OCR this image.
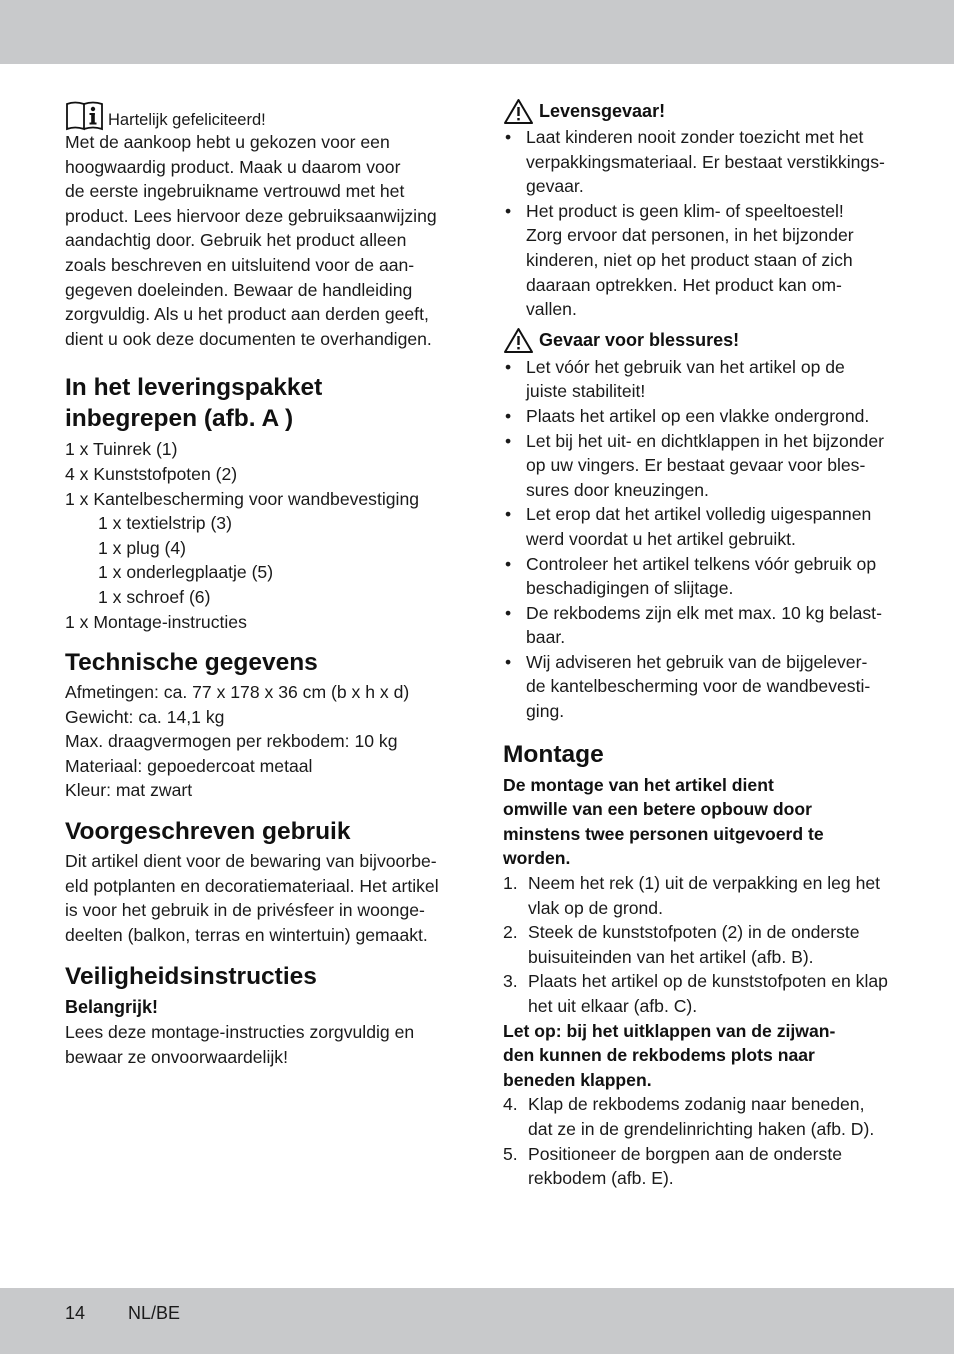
Hartelijk gefeliciteerd!
Met de aankoop hebt u gekozen voor een
hoogwaardig product. Maak u daarom voor
de eerste ingebruikname vertrouwd met het
product. Lees hiervoor deze gebruiksaanwijzing
aandachtig door. Gebruik het product alleen
zoals beschreven en uitsluitend voor de aan-
gegeven doeleinden. Bewaar de handleiding
zorgvuldig. Als u het product aan derden geeft,
dient u ook deze documenten te overhandigen.
In het leveringspakket
inbegrepen (afb. A )
1 x Tuinrek (1)
4 x Kunststofpoten (2)
1 x Kantelbescherming voor wandbevestiging
1 x textielstrip (3)
1 x plug (4)
1 x onderlegplaatje (5)
1 x schroef (6)
1 x Montage-instructies
Technische gegevens
Afmetingen: ca. 77 x 178 x 36 cm (b x h x d)
Gewicht: ca. 14,1 kg
Max. draagvermogen per rekbodem: 10 kg
Materiaal: gepoedercoat metaal
Kleur: mat zwart
Voorgeschreven gebruik
Dit artikel dient voor de bewaring van bijvoorbe-
eld potplanten en decoratiemateriaal. Het artikel
is voor het gebruik in de privésfeer in woonge-
deelten (balkon, terras en wintertuin) gemaakt.
Veiligheidsinstructies
Belangrijk!
Lees deze montage-instructies zorgvuldig en
bewaar ze onvoorwaardelijk!
Levensgevaar!
• Laat kinderen nooit zonder toezicht met het
verpakkingsmateriaal. Er bestaat verstikkings-
gevaar.
• Het product is geen klim- of speeltoestel!
Zorg ervoor dat personen, in het bijzonder
kinderen, niet op het product staan of zich
daaraan optrekken. Het product kan om-
vallen.
Gevaar voor blessures!
• Let vóór het gebruik van het artikel op de
juiste stabiliteit!
• Plaats het artikel op een vlakke ondergrond.
• Let bij het uit- en dichtklappen in het bijzonder
op uw vingers. Er bestaat gevaar voor bles-
sures door kneuzingen.
• Let erop dat het artikel volledig uigespannen
werd voordat u het artikel gebruikt.
• Controleer het artikel telkens vóór gebruik op
beschadigingen of slijtage.
• De rekbodems zijn elk met max. 10 kg belast-
baar.
• Wij adviseren het gebruik van de bijgelever-
de kantelbescherming voor de wandbevesti-
ging.
Montage
De montage van het artikel dient
omwille van een betere opbouw door
minstens twee personen uitgevoerd te
worden.
1. Neem het rek (1) uit de verpakking en leg het
vlak op de grond.
2. Steek de kunststofpoten (2) in de onderste
buisuiteinden van het artikel (afb. B).
3. Plaats het artikel op de kunststofpoten en klap
het uit elkaar (afb. C).
Let op: bij het uitklappen van de zijwan-
den kunnen de rekbodems plots naar
beneden klappen.
4. Klap de rekbodems zodanig naar beneden,
dat ze in de grendelinrichting haken (afb. D).
5. Positioneer de borgpen aan de onderste
rekbodem (afb. E).
14 NL/BE
